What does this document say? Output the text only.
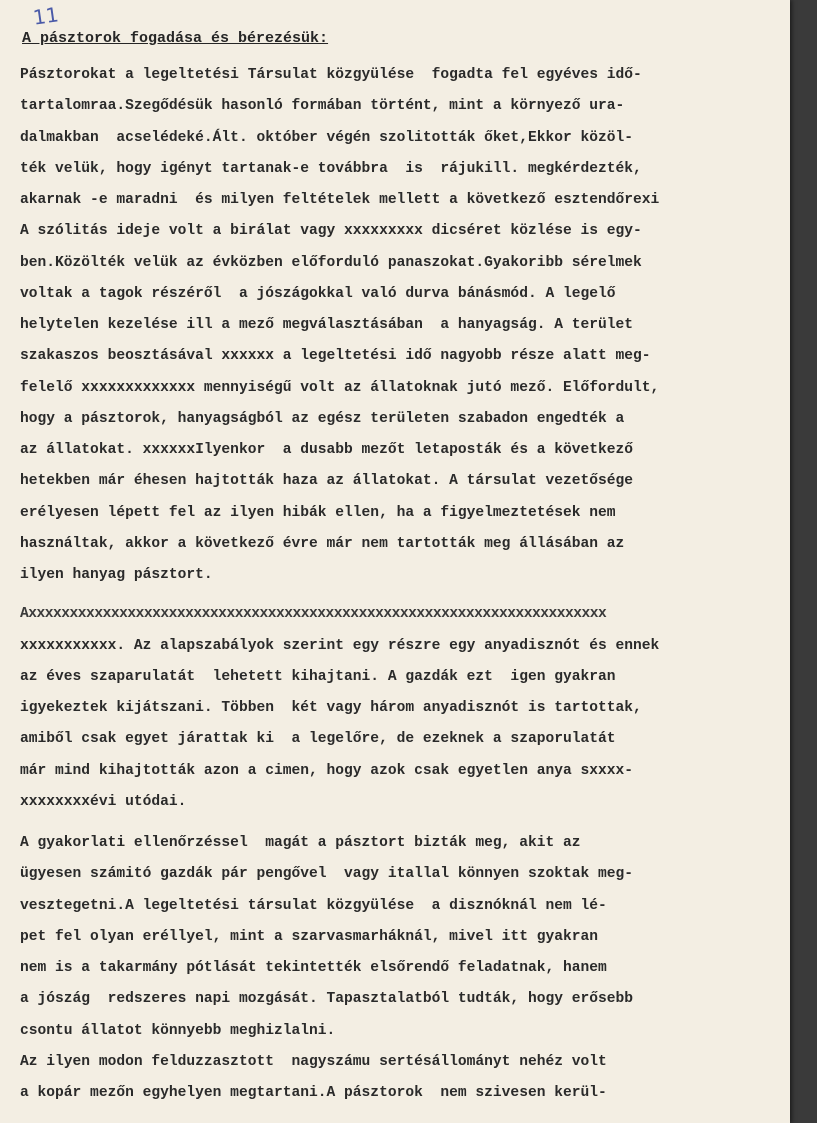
11
A pásztorok fogadása és bérezésük:
Pásztorokat a legeltetési Társulat közgyülése  fogadta fel egyéves idő-
tartalomraa.Szegődésük hasonló formában történt, mint a környező ura-
dalmakban  acselédeké.Ált. október végén szolitották őket,Ekkor közöl-
ték velük, hogy igényt tartanak-e továbbra  is  rájukill. megkérdezték,
akarnak -e maradni  és milyen feltételek mellett a következő esztendőrexi
A szólitás ideje volt a birálat vagy xxxxxxxxx dicséret közlése is egy-
ben.Közölték velük az évközben előforduló panaszokat.Gyakoribb sérelmek
voltak a tagok részéről  a jószágokkal való durva bánásmód. A legelő
helytelen kezelése ill a mező megválasztásában  a hanyagság. A terület
szakaszos beosztásával xxxxxx a legeltetési idő nagyobb része alatt meg-
felelő xxxxxxxxxxxxx mennyiségű volt az állatoknak jutó mező. Előfordult,
hogy a pásztorok, hanyagságból az egész területen szabadon engedték a
az állatokat. xxxxxxIlyenkor  a dusabb mezőt letaposták és a következő
hetekben már éhesen hajtották haza az állatokat. A társulat vezetősége
erélyesen lépett fel az ilyen hibák ellen, ha a figyelmeztetések nem
használtak, akkor a következő évre már nem tartották meg állásában az
ilyen hanyag pásztort.
Axxxxxxxxxxxxxxxxxxxxxxxxxxxxxxxxxxxxxxxxxxxxxxxxxxxxxxxxxxxxxxxxxxxxxx
xxxxxxxxxxx. Az alapszabályok szerint egy részre egy anyadisznót és ennek
az éves szaparulatát  lehetett kihajtani. A gazdák ezt  igen gyakran
igyekeztek kijátszani. Többen  két vagy három anyadisznót is tartottak,
amiből csak egyet járattak ki  a legelőre, de ezeknek a szaporulatát
már mind kihajtották azon a cimen, hogy azok csak egyetlen anya sxxxx-
xxxxxxxxévi utódai.
A gyakorlati ellenőrzéssel  magát a pásztort bizták meg, akit az
ügyesen számitó gazdák pár pengővel  vagy itallal könnyen szoktak meg-
vesztegetni.A legeltetési társulat közgyülése  a disznóknál nem lé-
pet fel olyan eréllyel, mint a szarvasmarháknál, mivel itt gyakran
nem is a takarmány pótlását tekintették elsőrendő feladatnak, hanem
a jószág  redszeres napi mozgását. Tapasztalatból tudták, hogy erősebb
csontu állatot könnyebb meghizlalni.
Az ilyen modon felduzzasztott  nagyszámu sertésállományt nehéz volt
a kopár mezőn egyhelyen megtartani.A pásztorok  nem szivesen kerül-
